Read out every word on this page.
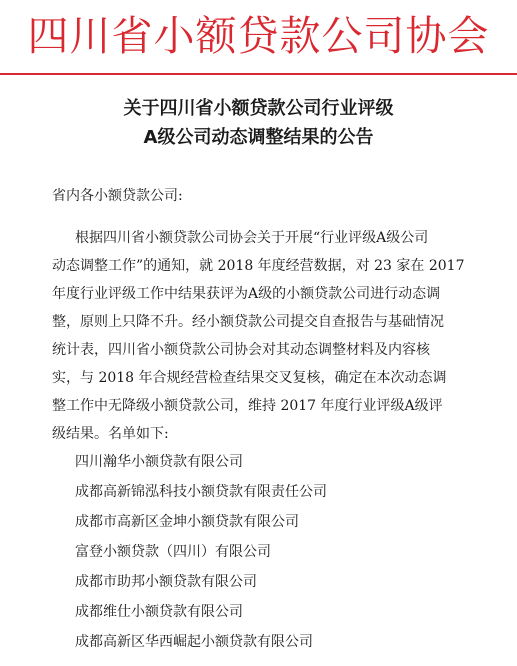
四川省小额贷款公司协会
关于四川省小额贷款公司行业评级
A级公司动态调整结果的公告
省内各小额贷款公司:
根据四川省小额贷款公司协会关于开展“行业评级A级公司
动态调整工作”的通知，就 2018 年度经营数据，对 23 家在 2017
年度行业评级工作中结果获评为A级的小额贷款公司进行动态调
整，原则上只降不升。经小额贷款公司提交自查报告与基础情况
统计表，四川省小额贷款公司协会对其动态调整材料及内容核
实，与 2018 年合规经营检查结果交叉复核，确定在本次动态调
整工作中无降级小额贷款公司，维持 2017 年度行业评级A级评
级结果。名单如下:
四川瀚华小额贷款有限公司
成都高新锦泓科技小额贷款有限责任公司
成都市高新区金坤小额贷款有限公司
富登小额贷款（四川）有限公司
成都市助邦小额贷款有限公司
成都维仕小额贷款有限公司
成都高新区华西崛起小额贷款有限公司
